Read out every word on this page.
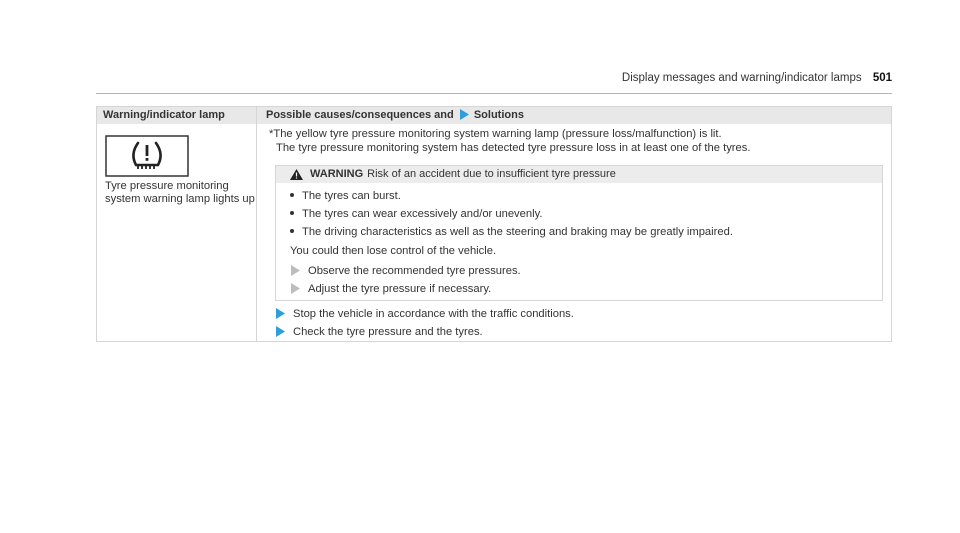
Display messages and warning/indicator lamps 501
Warning/indicator lamp	Possible causes/consequences and Solutions
Tyre pressure monitoring system warning lamp lights up
*The yellow tyre pressure monitoring system warning lamp (pressure loss/malfunction) is lit.
The tyre pressure monitoring system has detected tyre pressure loss in at least one of the tyres.
WARNING Risk of an accident due to insufficient tyre pressure
The tyres can burst.
The tyres can wear excessively and/or unevenly.
The driving characteristics as well as the steering and braking may be greatly impaired.
You could then lose control of the vehicle.
Observe the recommended tyre pressures.
Adjust the tyre pressure if necessary.
Stop the vehicle in accordance with the traffic conditions.
Check the tyre pressure and the tyres.
